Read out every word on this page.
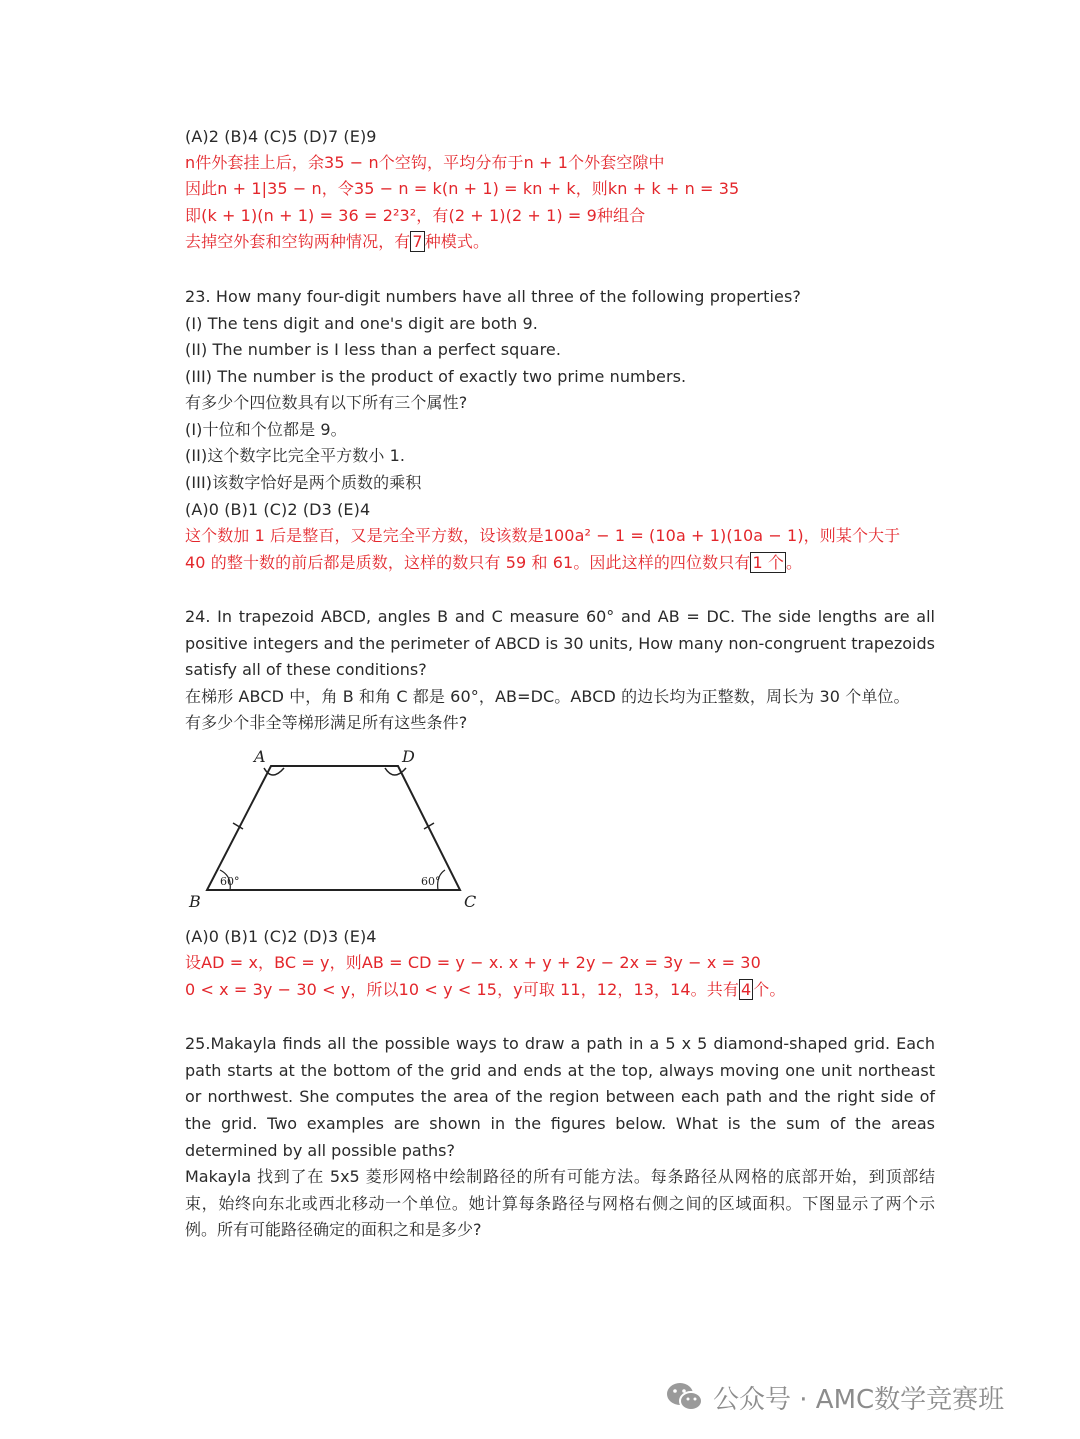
(A)2 (B)4 (C)5 (D)7 (E)9
n件外套挂上后，余35 − n个空钩，平均分布于n + 1个外套空隙中
因此n + 1|35 − n，令35 − n = k(n + 1) = kn + k，则kn + k + n = 35
即(k + 1)(n + 1) = 36 = 2²3²，有(2 + 1)(2 + 1) = 9种组合
去掉空外套和空钩两种情况，有 7 种模式。
23. How many four-digit numbers have all three of the following properties?
(I) The tens digit and one's digit are both 9.
(II) The number is I less than a perfect square.
(III) The number is the product of exactly two prime numbers.
有多少个四位数具有以下所有三个属性?
(I)十位和个位都是 9。
(II)这个数字比完全平方数小 1.
(III)该数字恰好是两个质数的乘积
(A)0 (B)1 (C)2 (D3 (E)4
这个数加 1 后是整百，又是完全平方数，设该数是100a² − 1 = (10a + 1)(10a − 1)，则某个大于
40 的整十数的前后都是质数，这样的数只有 59 和 61。因此这样的四位数只有 1 个 。
24. In trapezoid ABCD, angles B and C measure 60° and AB = DC. The side lengths are all positive integers and the perimeter of ABCD is 30 units, How many non-congruent trapezoids satisfy all of these conditions?
在梯形 ABCD 中，角 B 和角 C 都是 60°，AB=DC。ABCD 的边长均为正整数，周长为 30 个单位。
有多少个非全等梯形满足所有这些条件?
A	D
B	C
60°	60°
(A)0 (B)1 (C)2 (D)3 (E)4
设AD = x，BC = y，则AB = CD = y − x. x + y + 2y − 2x = 3y − x = 30
0 < x = 3y − 30 < y，所以10 < y < 15，y可取 11，12，13，14。共有 4 个。
25.Makayla finds all the possible ways to draw a path in a 5 x 5 diamond-shaped grid. Each path starts at the bottom of the grid and ends at the top, always moving one unit northeast or northwest. She computes the area of the region between each path and the right side of the grid. Two examples are shown in the figures below. What is the sum of the areas determined by all possible paths?
Makayla 找到了在 5x5 菱形网格中绘制路径的所有可能方法。每条路径从网格的底部开始，到顶部结束，始终向东北或西北移动一个单位。她计算每条路径与网格右侧之间的区域面积。下图显示了两个示例。所有可能路径确定的面积之和是多少?
公众号 · AMC数学竞赛班
